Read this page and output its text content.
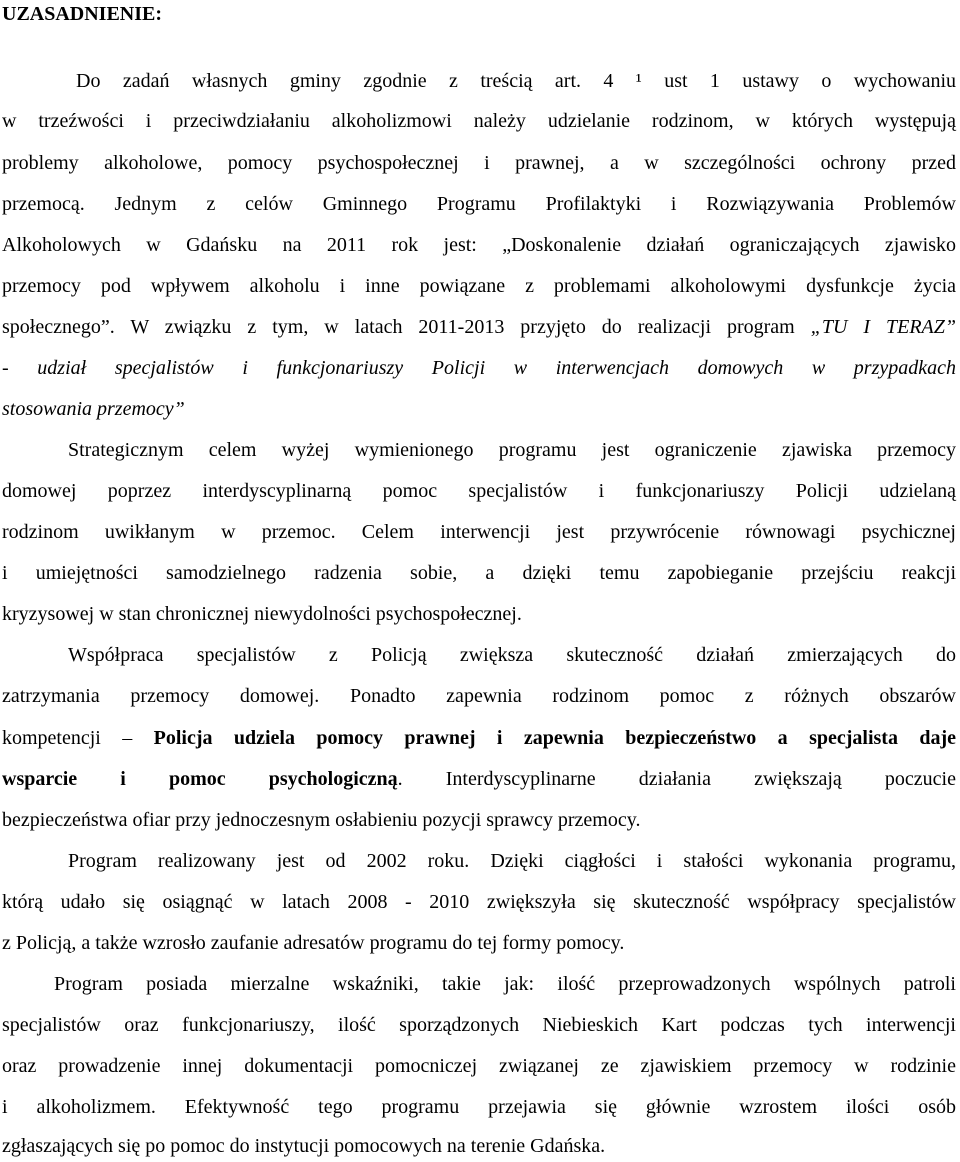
UZASADNIENIE:
Do zadań własnych gminy zgodnie z treścią art. 4 ¹ ust 1 ustawy o wychowaniu
w trzeźwości i przeciwdziałaniu alkoholizmowi należy udzielanie rodzinom, w których występują
problemy alkoholowe, pomocy psychospołecznej i prawnej, a w szczególności ochrony przed
przemocą. Jednym z celów Gminnego Programu Profilaktyki i Rozwiązywania Problemów
Alkoholowych w Gdańsku na 2011 rok jest: „Doskonalenie działań ograniczających zjawisko
przemocy pod wpływem alkoholu i inne powiązane z problemami alkoholowymi dysfunkcje życia
społecznego”. W związku z tym, w latach 2011-2013 przyjęto do realizacji program „TU I TERAZ”
- udział specjalistów i funkcjonariuszy Policji w interwencjach domowych w przypadkach
stosowania przemocy”
Strategicznym celem wyżej wymienionego programu jest ograniczenie zjawiska przemocy
domowej poprzez interdyscyplinarną pomoc specjalistów i funkcjonariuszy Policji udzielaną
rodzinom uwikłanym w przemoc. Celem interwencji jest przywrócenie równowagi psychicznej
i umiejętności samodzielnego radzenia sobie, a dzięki temu zapobieganie przejściu reakcji
kryzysowej w stan chronicznej niewydolności psychospołecznej.
Współpraca specjalistów z Policją zwiększa skuteczność działań zmierzających do
zatrzymania przemocy domowej. Ponadto zapewnia rodzinom pomoc z różnych obszarów
kompetencji – Policja udziela pomocy prawnej i zapewnia bezpieczeństwo a specjalista daje
wsparcie i pomoc psychologiczną. Interdyscyplinarne działania zwiększają poczucie
bezpieczeństwa ofiar przy jednoczesnym osłabieniu pozycji sprawcy przemocy.
Program realizowany jest od 2002 roku. Dzięki ciągłości i stałości wykonania programu,
którą udało się osiągnąć w latach 2008 - 2010 zwiększyła się skuteczność współpracy specjalistów
z Policją, a także wzrosło zaufanie adresatów programu do tej formy pomocy.
Program posiada mierzalne wskaźniki, takie jak: ilość przeprowadzonych wspólnych patroli
specjalistów oraz funkcjonariuszy, ilość sporządzonych Niebieskich Kart podczas tych interwencji
oraz prowadzenie innej dokumentacji pomocniczej związanej ze zjawiskiem przemocy w rodzinie
i alkoholizmem. Efektywność tego programu przejawia się głównie wzrostem ilości osób
zgłaszających się po pomoc do instytucji pomocowych na terenie Gdańska.
